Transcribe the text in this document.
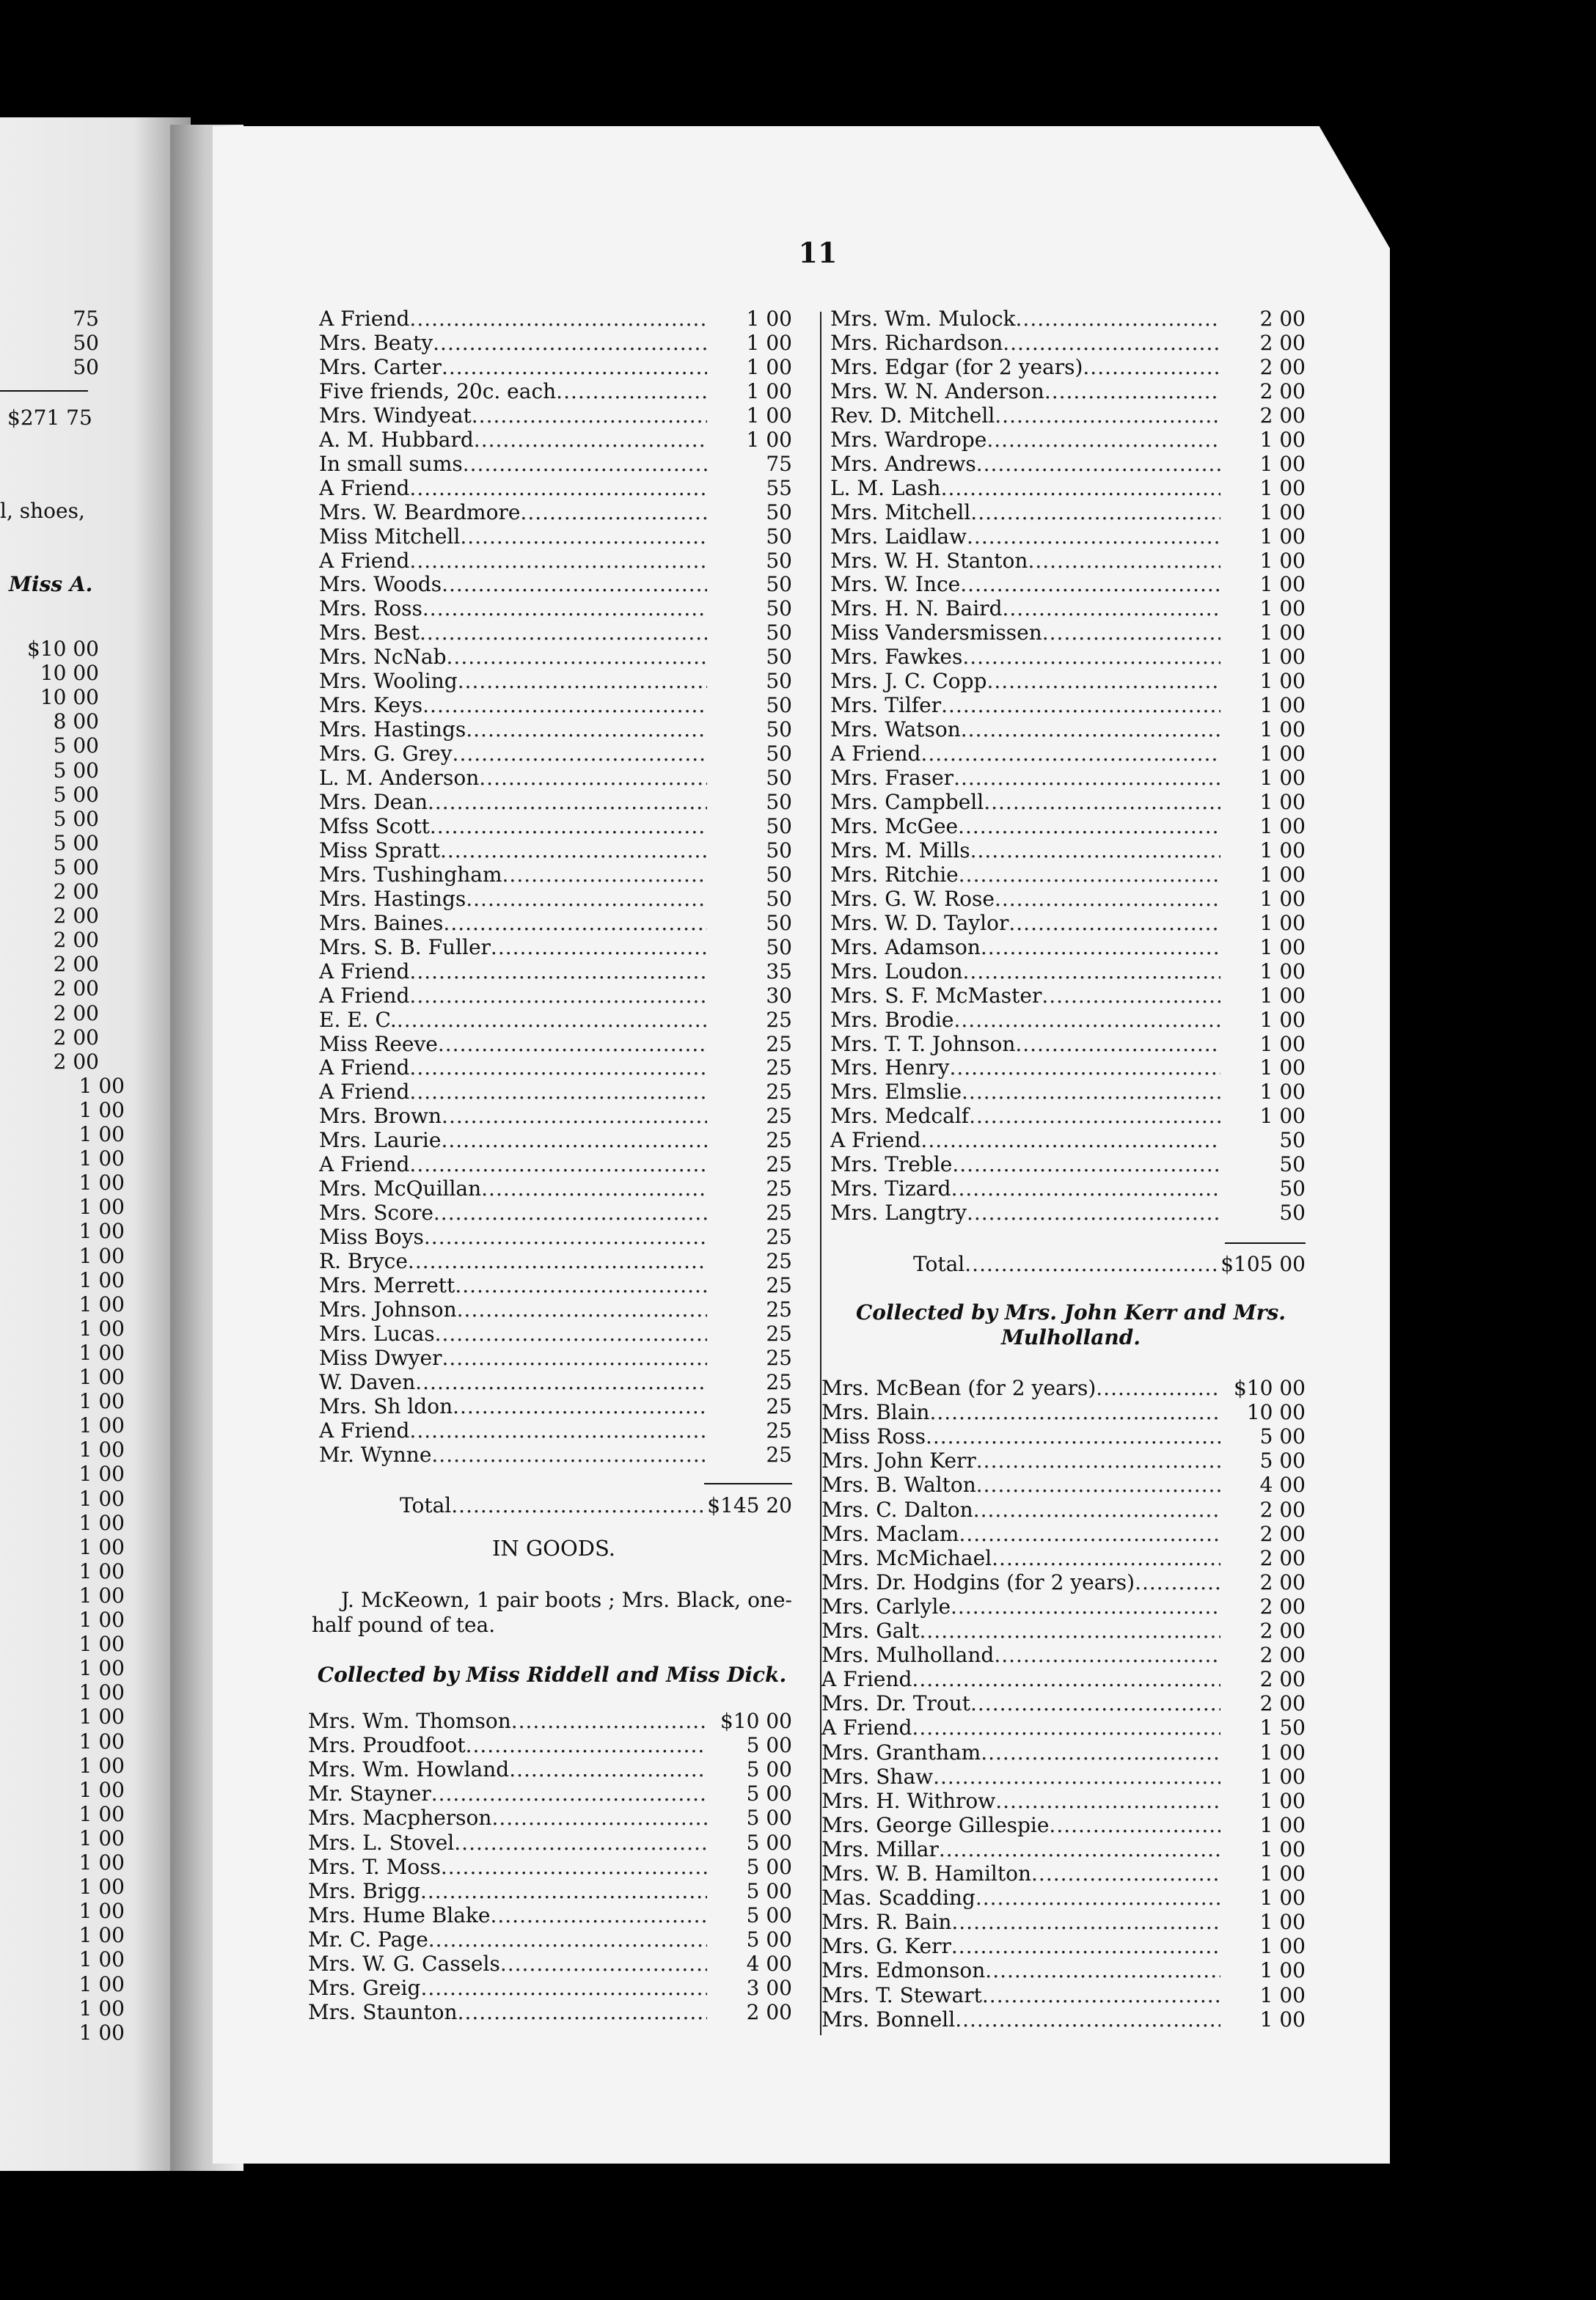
75
50
50
$271 75
l, shoes,
Miss A.
$10 00
10 00
10 00
8 00
5 00
5 00
5 00
5 00
5 00
5 00
2 00
2 00
2 00
2 00
2 00
2 00
2 00
2 00
1 00
1 00
1 00
1 00
1 00
1 00
1 00
1 00
1 00
1 00
1 00
1 00
1 00
1 00
1 00
1 00
1 00
1 00
1 00
1 00
1 00
1 00
1 00
1 00
1 00
1 00
1 00
1 00
1 00
1 00
1 00
1 00
1 00
1 00
1 00
1 00
1 00
1 00
1 00
1 00
11
A Friend .....	1 00
Mrs. Beaty .....	1 00
Mrs. Carter .....	1 00
Five friends, 20c. each .....	1 00
Mrs. Windyeat .....	1 00
A. M. Hubbard .....	1 00
In small sums .....	75
A Friend .....	55
Mrs. W. Beardmore .....	50
Miss Mitchell .....	50
A Friend .....	50
Mrs. Woods .....	50
Mrs. Ross .....	50
Mrs. Best .....	50
Mrs. NcNab .....	50
Mrs. Wooling .....	50
Mrs. Keys .....	50
Mrs. Hastings .....	50
Mrs. G. Grey .....	50
L. M. Anderson .....	50
Mrs. Dean .....	50
Mfss Scott .....	50
Miss Spratt .....	50
Mrs. Tushingham .....	50
Mrs. Hastings .....	50
Mrs. Baines .....	50
Mrs. S. B. Fuller .....	50
A Friend .....	35
A Friend .....	30
E. E. C. .....	25
Miss Reeve .....	25
A Friend .....	25
A Friend .....	25
Mrs. Brown .....	25
Mrs. Laurie .....	25
A Friend .....	25
Mrs. McQuillan .....	25
Mrs. Score .....	25
Miss Boys .....	25
R. Bryce .....	25
Mrs. Merrett .....	25
Mrs. Johnson .....	25
Mrs. Lucas .....	25
Miss Dwyer .....	25
W. Daven .....	25
Mrs. Sh ldon .....	25
A Friend .....	25
Mr. Wynne .....	25
Total .....	$145 20
IN GOODS.
J. McKeown, 1 pair boots ; Mrs. Black, one-half pound of tea.
Collected by Miss Riddell and Miss Dick.
Mrs. Wm. Thomson .....	$10 00
Mrs. Proudfoot .....	5 00
Mrs. Wm. Howland .....	5 00
Mr. Stayner .....	5 00
Mrs. Macpherson .....	5 00
Mrs. L. Stovel .....	5 00
Mrs. T. Moss .....	5 00
Mrs. Brigg .....	5 00
Mrs. Hume Blake .....	5 00
Mr. C. Page .....	5 00
Mrs. W. G. Cassels .....	4 00
Mrs. Greig .....	3 00
Mrs. Staunton .....	2 00
Mrs. Wm. Mulock .....	2 00
Mrs. Richardson .....	2 00
Mrs. Edgar (for 2 years) .....	2 00
Mrs. W. N. Anderson .....	2 00
Rev. D. Mitchell .....	2 00
Mrs. Wardrope .....	1 00
Mrs. Andrews .....	1 00
L. M. Lash .....	1 00
Mrs. Mitchell .....	1 00
Mrs. Laidlaw .....	1 00
Mrs. W. H. Stanton .....	1 00
Mrs. W. Ince .....	1 00
Mrs. H. N. Baird .....	1 00
Miss Vandersmissen .....	1 00
Mrs. Fawkes .....	1 00
Mrs. J. C. Copp .....	1 00
Mrs. Tilfer .....	1 00
Mrs. Watson .....	1 00
A Friend .....	1 00
Mrs. Fraser .....	1 00
Mrs. Campbell .....	1 00
Mrs. McGee .....	1 00
Mrs. M. Mills .....	1 00
Mrs. Ritchie .....	1 00
Mrs. G. W. Rose .....	1 00
Mrs. W. D. Taylor .....	1 00
Mrs. Adamson .....	1 00
Mrs. Loudon .....	1 00
Mrs. S. F. McMaster .....	1 00
Mrs. Brodie .....	1 00
Mrs. T. T. Johnson .....	1 00
Mrs. Henry .....	1 00
Mrs. Elmslie .....	1 00
Mrs. Medcalf .....	1 00
A Friend .....	50
Mrs. Treble .....	50
Mrs. Tizard .....	50
Mrs. Langtry .....	50
Total .....	$105 00
Collected by Mrs. John Kerr and Mrs. Mulholland.
Mrs. McBean (for 2 years) .....	$10 00
Mrs. Blain .....	10 00
Miss Ross .....	5 00
Mrs. John Kerr .....	5 00
Mrs. B. Walton .....	4 00
Mrs. C. Dalton .....	2 00
Mrs. Maclam .....	2 00
Mrs. McMichael .....	2 00
Mrs. Dr. Hodgins (for 2 years) .....	2 00
Mrs. Carlyle .....	2 00
Mrs. Galt .....	2 00
Mrs. Mulholland .....	2 00
A Friend .....	2 00
Mrs. Dr. Trout .....	2 00
A Friend .....	1 50
Mrs. Grantham .....	1 00
Mrs. Shaw .....	1 00
Mrs. H. Withrow .....	1 00
Mrs. George Gillespie .....	1 00
Mrs. Millar .....	1 00
Mrs. W. B. Hamilton .....	1 00
Mas. Scadding .....	1 00
Mrs. R. Bain .....	1 00
Mrs. G. Kerr .....	1 00
Mrs. Edmonson .....	1 00
Mrs. T. Stewart .....	1 00
Mrs. Bonnell .....	1 00
